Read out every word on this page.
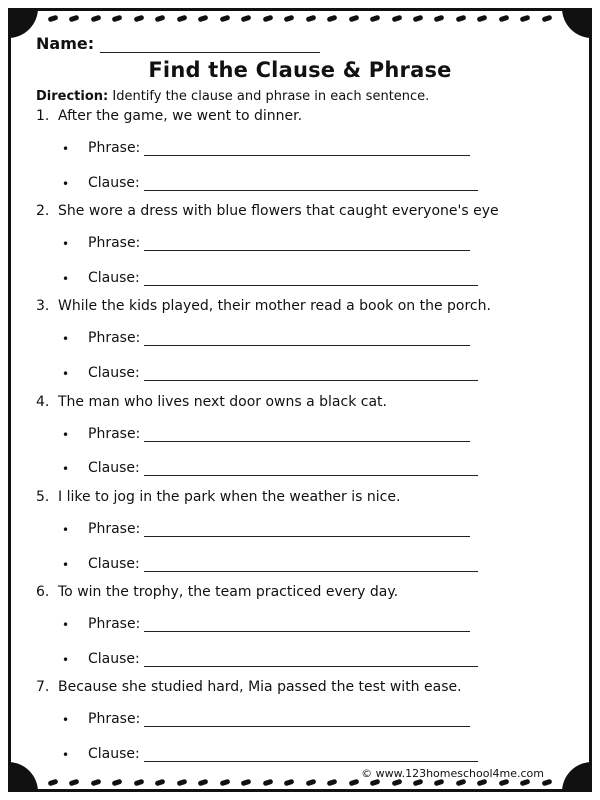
Name:
Find the Clause & Phrase
Direction: Identify the clause and phrase in each sentence.
1. After the game, we went to dinner.
•	Phrase:
•	Clause:
2. She wore a dress with blue flowers that caught everyone's eye
•	Phrase:
•	Clause:
3. While the kids played, their mother read a book on the porch.
•	Phrase:
•	Clause:
4. The man who lives next door owns a black cat.
•	Phrase:
•	Clause:
5. I like to jog in the park when the weather is nice.
•	Phrase:
•	Clause:
6. To win the trophy, the team practiced every day.
•	Phrase:
•	Clause:
7. Because she studied hard, Mia passed the test with ease.
•	Phrase:
•	Clause:
© www.123homeschool4me.com
